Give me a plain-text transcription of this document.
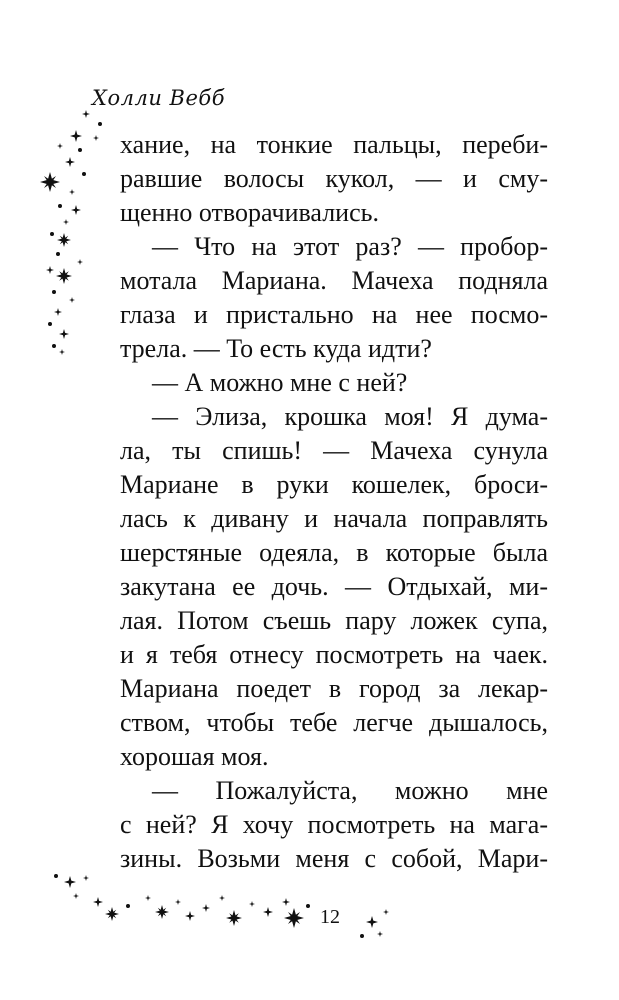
Холли Вебб
хание, на тонкие пальцы, переби-
равшие волосы кукол, — и сму-
щенно отворачивались.
— Что на этот раз? — пробор-
мотала Мариана. Мачеха подняла
глаза и пристально на нее посмо-
трела. — То есть куда идти?
— А можно мне с ней?
— Элиза, крошка моя! Я дума-
ла, ты спишь! — Мачеха сунула
Мариане в руки кошелек, броси-
лась к дивану и начала поправлять
шерстяные одеяла, в которые была
закутана ее дочь. — Отдыхай, ми-
лая. Потом съешь пару ложек супа,
и я тебя отнесу посмотреть на чаек.
Мариана поедет в город за лекар-
ством, чтобы тебе легче дышалось,
хорошая моя.
— Пожалуйста, можно мне
с ней? Я хочу посмотреть на мага-
зины. Возьми меня с собой, Мари-
12
